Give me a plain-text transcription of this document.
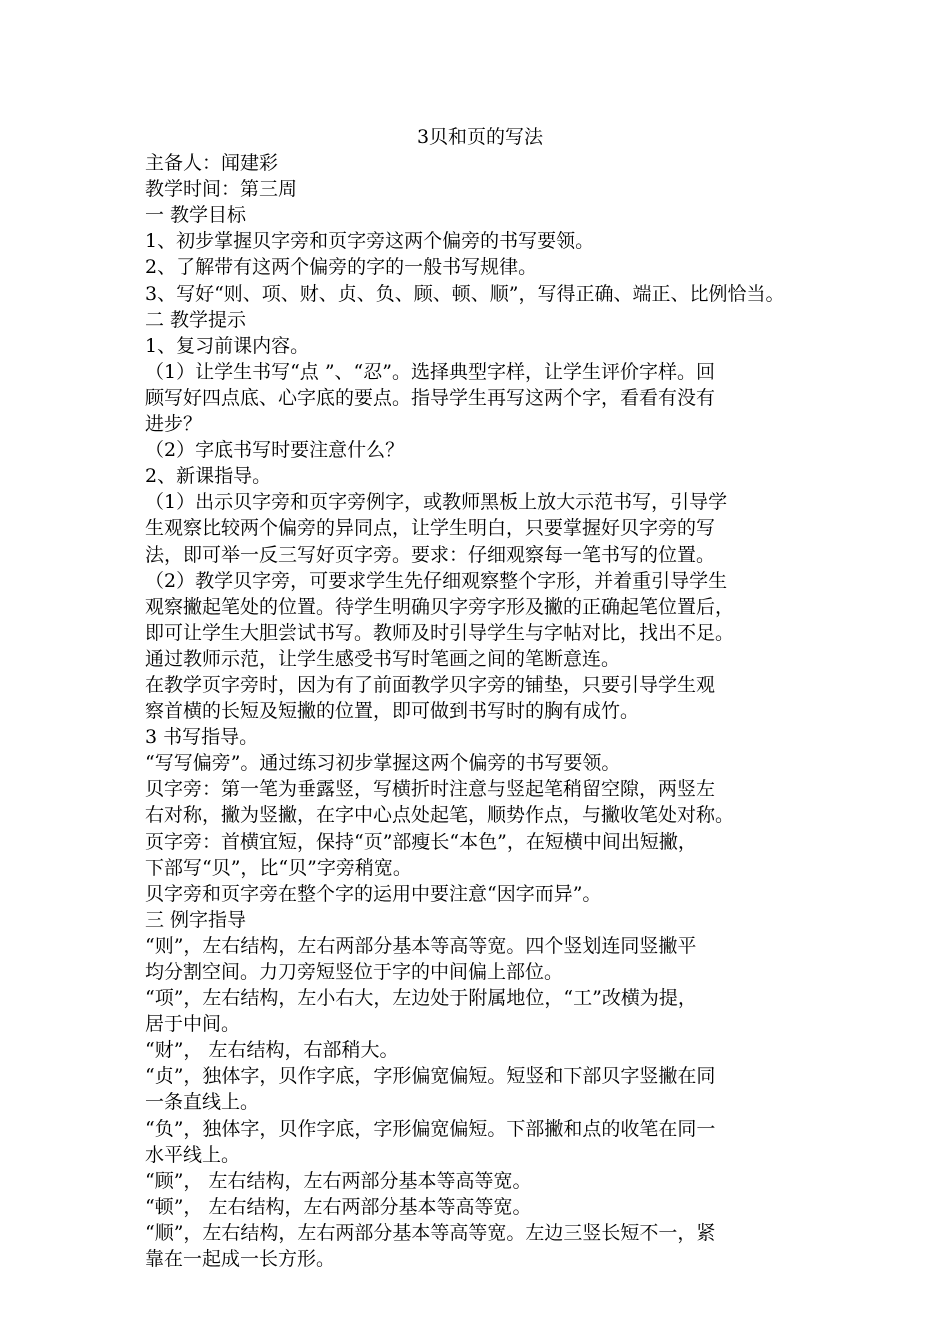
3贝和页的写法

主备人：闻建彩

教学时间：第三周

一 教学目标

1、初步掌握贝字旁和页字旁这两个偏旁的书写要领。

2、了解带有这两个偏旁的字的一般书写规律。

3、写好“则、项、财、贞、负、顾、顿、顺”，写得正确、端正、比例恰当。

二 教学提示

1、复习前课内容。

（1）让学生书写“点 ”、“忍”。选择典型字样，让学生评价字样。回

顾写好四点底、心字底的要点。指导学生再写这两个字，看看有没有

进步？

（2）字底书写时要注意什么？

2、新课指导。

（1）出示贝字旁和页字旁例字，或教师黑板上放大示范书写，引导学

生观察比较两个偏旁的异同点，让学生明白，只要掌握好贝字旁的写

法，即可举一反三写好页字旁。要求：仔细观察每一笔书写的位置。

（2）教学贝字旁，可要求学生先仔细观察整个字形，并着重引导学生

观察撇起笔处的位置。待学生明确贝字旁字形及撇的正确起笔位置后，

即可让学生大胆尝试书写。教师及时引导学生与字帖对比，找出不足。

通过教师示范，让学生感受书写时笔画之间的笔断意连。

在教学页字旁时，因为有了前面教学贝字旁的铺垫，只要引导学生观

察首横的长短及短撇的位置，即可做到书写时的胸有成竹。

3 书写指导。

“写写偏旁”。通过练习初步掌握这两个偏旁的书写要领。

贝字旁：第一笔为垂露竖，写横折时注意与竖起笔稍留空隙，两竖左

右对称，撇为竖撇，在字中心点处起笔，顺势作点，与撇收笔处对称。

页字旁：首横宜短，保持“页”部瘦长“本色”，在短横中间出短撇，

下部写“贝”，比“贝”字旁稍宽。

贝字旁和页字旁在整个字的运用中要注意“因字而异”。

三 例字指导

“则”，左右结构，左右两部分基本等高等宽。四个竖划连同竖撇平

均分割空间。力刀旁短竖位于字的中间偏上部位。

“项”，左右结构，左小右大，左边处于附属地位，“工”改横为提，

居于中间。

“财”， 左右结构，右部稍大。

“贞”，独体字，贝作字底，字形偏宽偏短。短竖和下部贝字竖撇在同

一条直线上。

“负”，独体字，贝作字底，字形偏宽偏短。下部撇和点的收笔在同一

水平线上。

“顾”， 左右结构，左右两部分基本等高等宽。

“顿”， 左右结构，左右两部分基本等高等宽。

“顺”，左右结构，左右两部分基本等高等宽。左边三竖长短不一，紧

靠在一起成一长方形。
